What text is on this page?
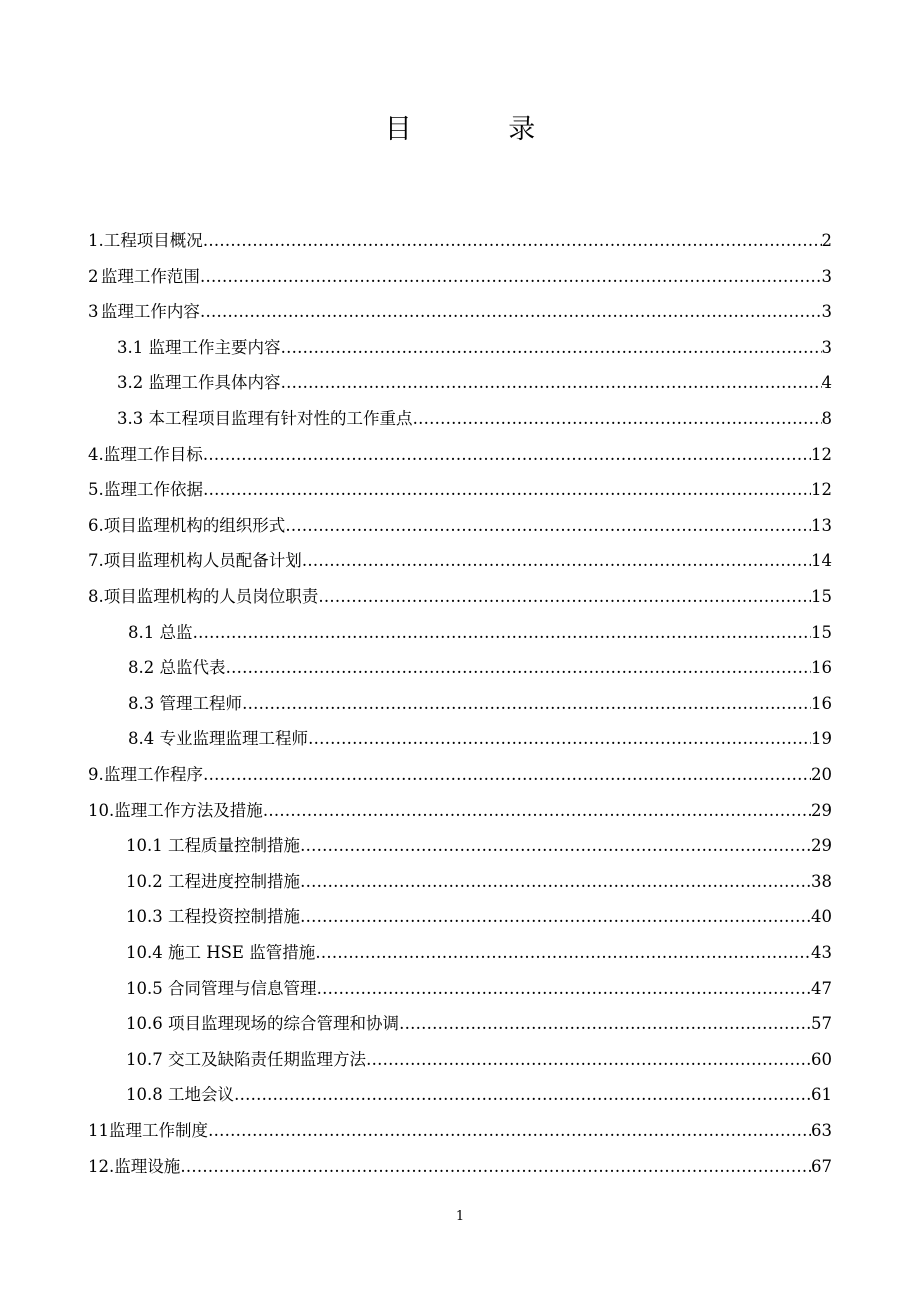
目 录
1. 工程项目概况 …………………………………………………………………………………………………………………………………………………………………………………………………………………………………	2
2 监理工作范围 …………………………………………………………………………………………………………………………………………………………………………………………………………………………………	3
3 监理工作内容 …………………………………………………………………………………………………………………………………………………………………………………………………………………………………	3
3.1 监理工作主要内容 …………………………………………………………………………………………………………………………………………………………………………………………………………………………………	3
3.2 监理工作具体内容 …………………………………………………………………………………………………………………………………………………………………………………………………………………………………	4
3.3 本工程项目监理有针对性的工作重点 …………………………………………………………………………………………………………………………………………………………………………………………………………………………………	8
4. 监理工作目标 …………………………………………………………………………………………………………………………………………………………………………………………………………………………………	12
5. 监理工作依据 …………………………………………………………………………………………………………………………………………………………………………………………………………………………………	12
6. 项目监理机构的组织形式 …………………………………………………………………………………………………………………………………………………………………………………………………………………………………	13
7. 项目监理机构人员配备计划 …………………………………………………………………………………………………………………………………………………………………………………………………………………………………	14
8. 项目监理机构的人员岗位职责 …………………………………………………………………………………………………………………………………………………………………………………………………………………………………	15
8.1 总监 …………………………………………………………………………………………………………………………………………………………………………………………………………………………………	15
8.2 总监代表 …………………………………………………………………………………………………………………………………………………………………………………………………………………………………	16
8.3 管理工程师 …………………………………………………………………………………………………………………………………………………………………………………………………………………………………	16
8.4 专业监理监理工程师 …………………………………………………………………………………………………………………………………………………………………………………………………………………………………	19
9. 监理工作程序 …………………………………………………………………………………………………………………………………………………………………………………………………………………………………	20
10. 监理工作方法及措施 …………………………………………………………………………………………………………………………………………………………………………………………………………………………………	29
10.1 工程质量控制措施 …………………………………………………………………………………………………………………………………………………………………………………………………………………………………	29
10.2 工程进度控制措施 …………………………………………………………………………………………………………………………………………………………………………………………………………………………………	38
10.3 工程投资控制措施 …………………………………………………………………………………………………………………………………………………………………………………………………………………………………	40
10.4 施工 HSE 监管措施 …………………………………………………………………………………………………………………………………………………………………………………………………………………………………	43
10.5 合同管理与信息管理 …………………………………………………………………………………………………………………………………………………………………………………………………………………………………	47
10.6 项目监理现场的综合管理和协调 …………………………………………………………………………………………………………………………………………………………………………………………………………………………………	57
10.7 交工及缺陷责任期监理方法 …………………………………………………………………………………………………………………………………………………………………………………………………………………………………	60
10.8 工地会议 …………………………………………………………………………………………………………………………………………………………………………………………………………………………………	61
11 监理工作制度 …………………………………………………………………………………………………………………………………………………………………………………………………………………………………	63
12. 监理设施 …………………………………………………………………………………………………………………………………………………………………………………………………………………………………	67
1
